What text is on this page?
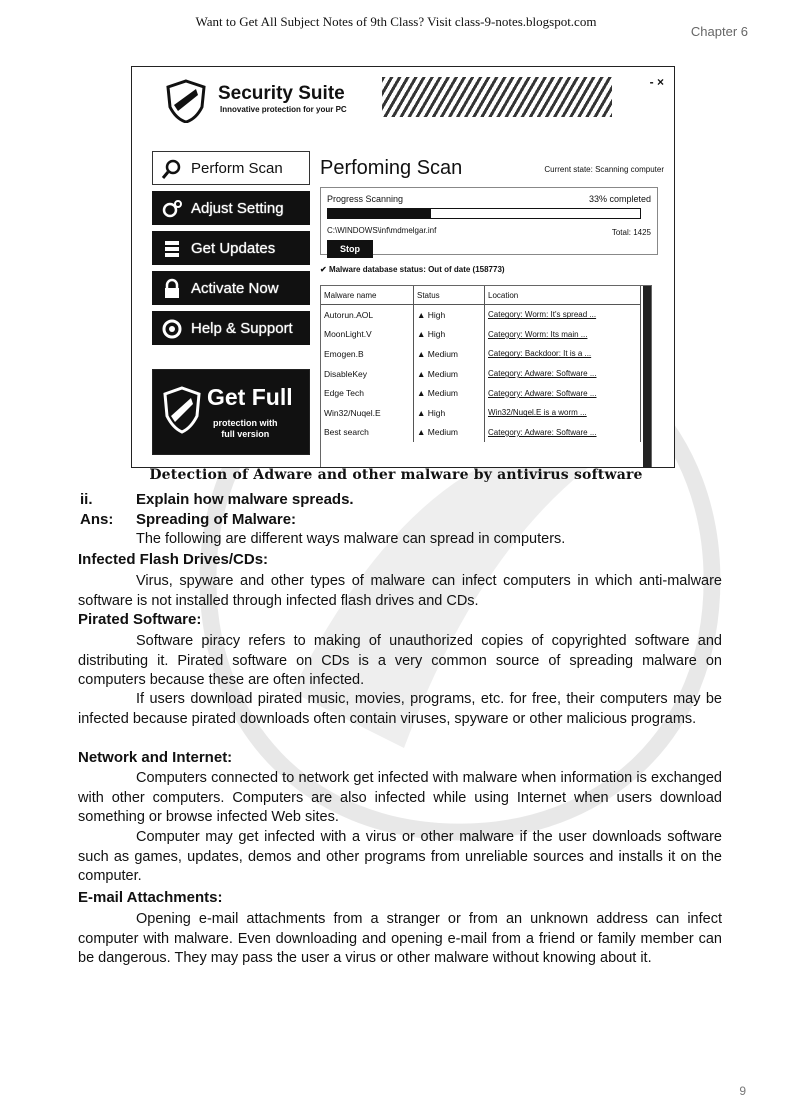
Want to Get All Subject Notes of 9th Class? Visit class-9-notes.blogspot.com
Chapter 6
Security Suite
Innovative protection for your PC
- ×
Perform Scan
Adjust Setting
Get Updates
Activate Now
Help & Support
Get Full
protection with
full version
Perfoming Scan	Current state: Scanning computer
Progress Scanning	33% completed
C:\WINDOWS\inf\mdmelgar.inf	Total: 1425
Stop
✔ Malware database status: Out of date (158773)
Malware name	Status	Location
Autorun.AOL	▲ High	Category: Worm: It's spread ...
MoonLight.V	▲ High	Category: Worm: Its main ...
Emogen.B	▲ Medium	Category: Backdoor: It is a ...
DisableKey	▲ Medium	Category: Adware: Software ...
Edge Tech	▲ Medium	Category: Adware: Software ...
Win32/Nuqel.E	▲ High	Win32/Nuqel.E is a worm ...
Best search	▲ Medium	Category: Adware: Software ...
Detection of Adware and other malware by antivirus software
ii.	Explain how malware spreads.
Ans: Spreading of Malware:
The following are different ways malware can spread in computers.
Infected Flash Drives/CDs:
Virus, spyware and other types of malware can infect computers in which anti-malware software is not installed through infected flash drives and CDs.
Pirated Software:
Software piracy refers to making of unauthorized copies of copyrighted software and distributing it. Pirated software on CDs is a very common source of spreading malware on computers because these are often infected.
If users download pirated music, movies, programs, etc. for free, their computers may be infected because pirated downloads often contain viruses, spyware or other malicious programs.
Network and Internet:
Computers connected to network get infected with malware when information is exchanged with other computers. Computers are also infected while using Internet when users download something or browse infected Web sites.
Computer may get infected with a virus or other malware if the user downloads software such as games, updates, demos and other programs from unreliable sources and installs it on the computer.
E-mail Attachments:
Opening e-mail attachments from a stranger or from an unknown address can infect computer with malware. Even downloading and opening e-mail from a friend or family member can be dangerous. They may pass the user a virus or other malware without knowing about it.
9
